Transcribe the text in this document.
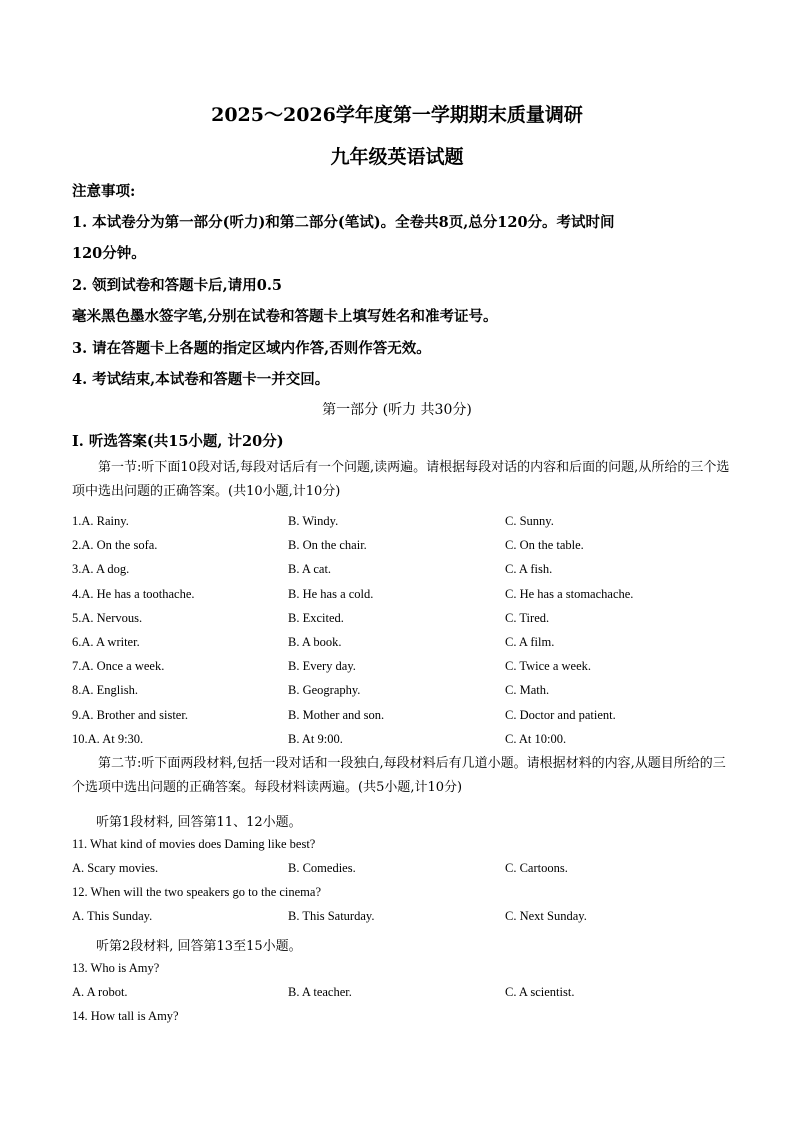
2025～2026学年度第一学期期末质量调研
九年级英语试题
注意事项:
1. 本试卷分为第一部分(听力)和第二部分(笔试)。全卷共8页,总分120分。考试时间
120分钟。
2. 领到试卷和答题卡后,请用0.5
毫米黑色墨水签字笔,分别在试卷和答题卡上填写姓名和准考证号。
3. 请在答题卡上各题的指定区域内作答,否则作答无效。
4. 考试结束,本试卷和答题卡一并交回。
第一部分 (听力 共30分)
Ⅰ. 听选答案(共15小题, 计20分)
第一节:听下面10段对话,每段对话后有一个问题,读两遍。请根据每段对话的内容和后面的问题,从所给的三个选项中选出问题的正确答案。(共10小题,计10分)
1.A. Rainy.	B. Windy.	C. Sunny.
2.A. On the sofa.	B. On the chair.	C. On the table.
3.A. A dog.	B. A cat.	C. A fish.
4.A. He has a toothache.	B. He has a cold.	C. He has a stomachache.
5.A. Nervous.	B. Excited.	C. Tired.
6.A. A writer.	B. A book.	C. A film.
7.A. Once a week.	B. Every day.	C. Twice a week.
8.A. English.	B. Geography.	C. Math.
9.A. Brother and sister.	B. Mother and son.	C. Doctor and patient.
10.A. At 9:30.	B. At 9:00.	C. At 10:00.
第二节:听下面两段材料,包括一段对话和一段独白,每段材料后有几道小题。请根据材料的内容,从题目所给的三个选项中选出问题的正确答案。每段材料读两遍。(共5小题,计10分)
听第1段材料, 回答第11、12小题。
11. What kind of movies does Daming like best?
A. Scary movies.	B. Comedies.	C. Cartoons.
12. When will the two speakers go to the cinema?
A. This Sunday.	B. This Saturday.	C. Next Sunday.
听第2段材料, 回答第13至15小题。
13. Who is Amy?
A. A robot.	B. A teacher.	C. A scientist.
14. How tall is Amy?
